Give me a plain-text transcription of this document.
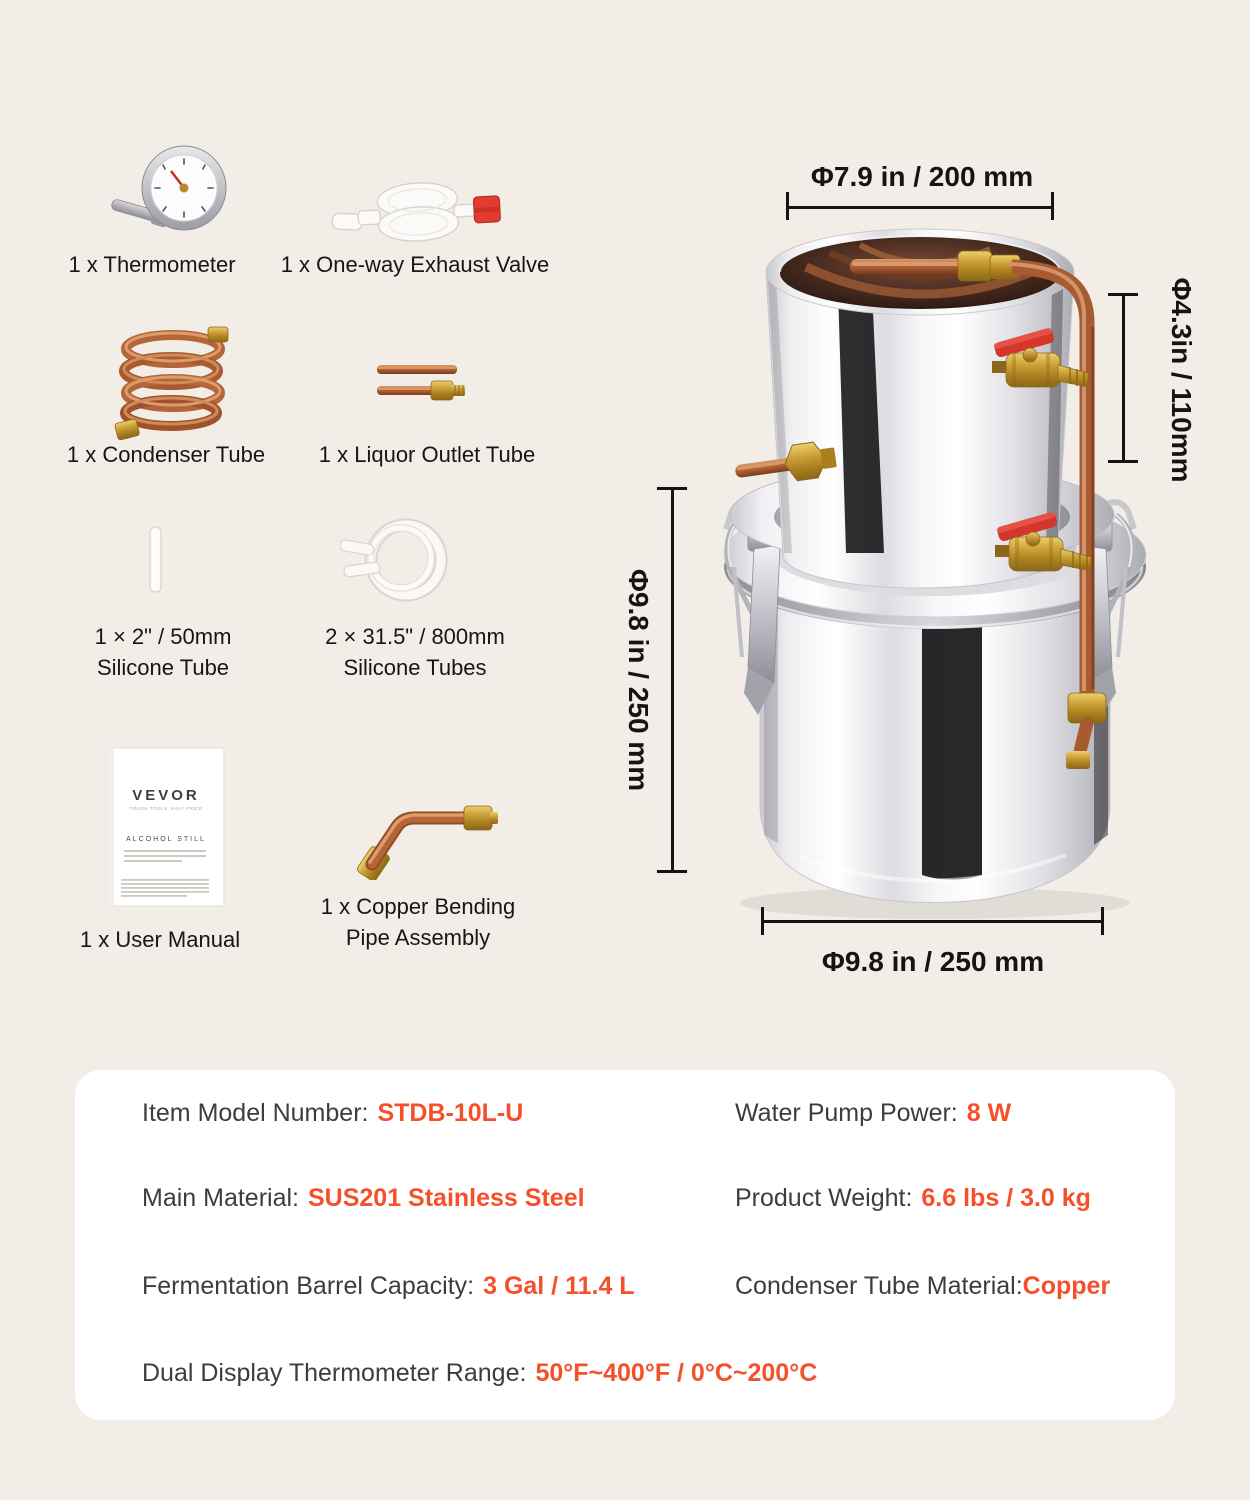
VEVOR
TOUGH TOOLS, HALF PRICE
ALCOHOL STILL
1 x Thermometer	1 x One-way Exhaust Valve
1 x Condenser Tube	1 x Liquor Outlet Tube
1 × 2" / 50mm
Silicone Tube
2 × 31.5" / 800mm
Silicone Tubes
1 x User Manual
1 x Copper Bending
Pipe Assembly
Φ7.9 in / 200 mm
Φ4.3in / 110mm
Φ9.8 in / 250 mm
Φ9.8 in / 250 mm
Item Model Number: STDB-10L-U	Water Pump Power: 8 W
Main Material: SUS201 Stainless Steel	Product Weight: 6.6 lbs / 3.0 kg
Fermentation Barrel Capacity: 3 Gal / 11.4 L	Condenser Tube Material:Copper
Dual Display Thermometer Range: 50°F~400°F / 0°C~200°C
